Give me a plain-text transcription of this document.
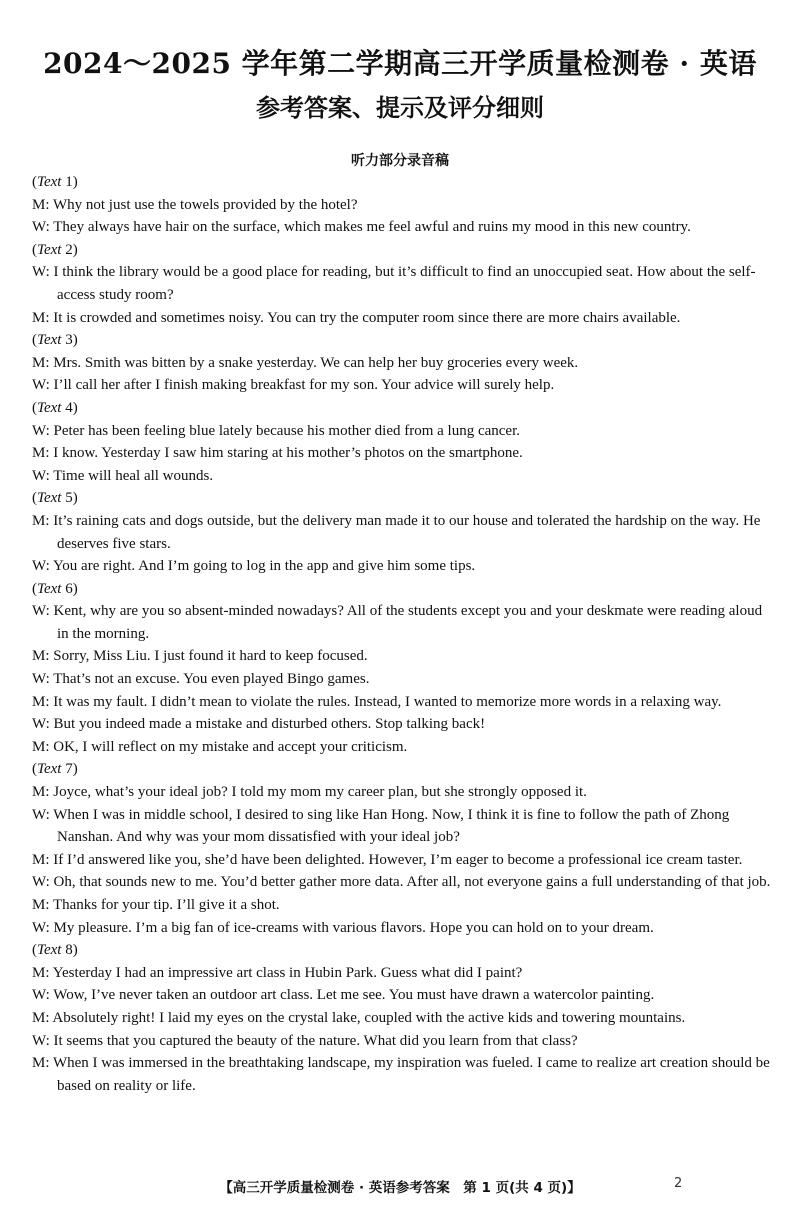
2024～2025 学年第二学期高三开学质量检测卷 · 英语
参考答案、提示及评分细则
听力部分录音稿
(Text 1)
M: Why not just use the towels provided by the hotel?
W: They always have hair on the surface, which makes me feel awful and ruins my mood in this new country.
(Text 2)
W: I think the library would be a good place for reading, but it’s difficult to find an unoccupied seat. How about the self-access study room?
M: It is crowded and sometimes noisy. You can try the computer room since there are more chairs available.
(Text 3)
M: Mrs. Smith was bitten by a snake yesterday. We can help her buy groceries every week.
W: I’ll call her after I finish making breakfast for my son. Your advice will surely help.
(Text 4)
W: Peter has been feeling blue lately because his mother died from a lung cancer.
M: I know. Yesterday I saw him staring at his mother’s photos on the smartphone.
W: Time will heal all wounds.
(Text 5)
M: It’s raining cats and dogs outside, but the delivery man made it to our house and tolerated the hardship on the way. He deserves five stars.
W: You are right. And I’m going to log in the app and give him some tips.
(Text 6)
W: Kent, why are you so absent-minded nowadays? All of the students except you and your deskmate were reading aloud in the morning.
M: Sorry, Miss Liu. I just found it hard to keep focused.
W: That’s not an excuse. You even played Bingo games.
M: It was my fault. I didn’t mean to violate the rules. Instead, I wanted to memorize more words in a relaxing way.
W: But you indeed made a mistake and disturbed others. Stop talking back!
M: OK, I will reflect on my mistake and accept your criticism.
(Text 7)
M: Joyce, what’s your ideal job? I told my mom my career plan, but she strongly opposed it.
W: When I was in middle school, I desired to sing like Han Hong. Now, I think it is fine to follow the path of Zhong Nanshan. And why was your mom dissatisfied with your ideal job?
M: If I’d answered like you, she’d have been delighted. However, I’m eager to become a professional ice cream taster.
W: Oh, that sounds new to me. You’d better gather more data. After all, not everyone gains a full understanding of that job.
M: Thanks for your tip. I’ll give it a shot.
W: My pleasure. I’m a big fan of ice-creams with various flavors. Hope you can hold on to your dream.
(Text 8)
M: Yesterday I had an impressive art class in Hubin Park. Guess what did I paint?
W: Wow, I’ve never taken an outdoor art class. Let me see. You must have drawn a watercolor painting.
M: Absolutely right! I laid my eyes on the crystal lake, coupled with the active kids and towering mountains.
W: It seems that you captured the beauty of the nature. What did you learn from that class?
M: When I was immersed in the breathtaking landscape, my inspiration was fueled. I came to realize art creation should be based on reality or life.
【高三开学质量检测卷 · 英语参考答案　第 1 页(共 4 页)】	2
